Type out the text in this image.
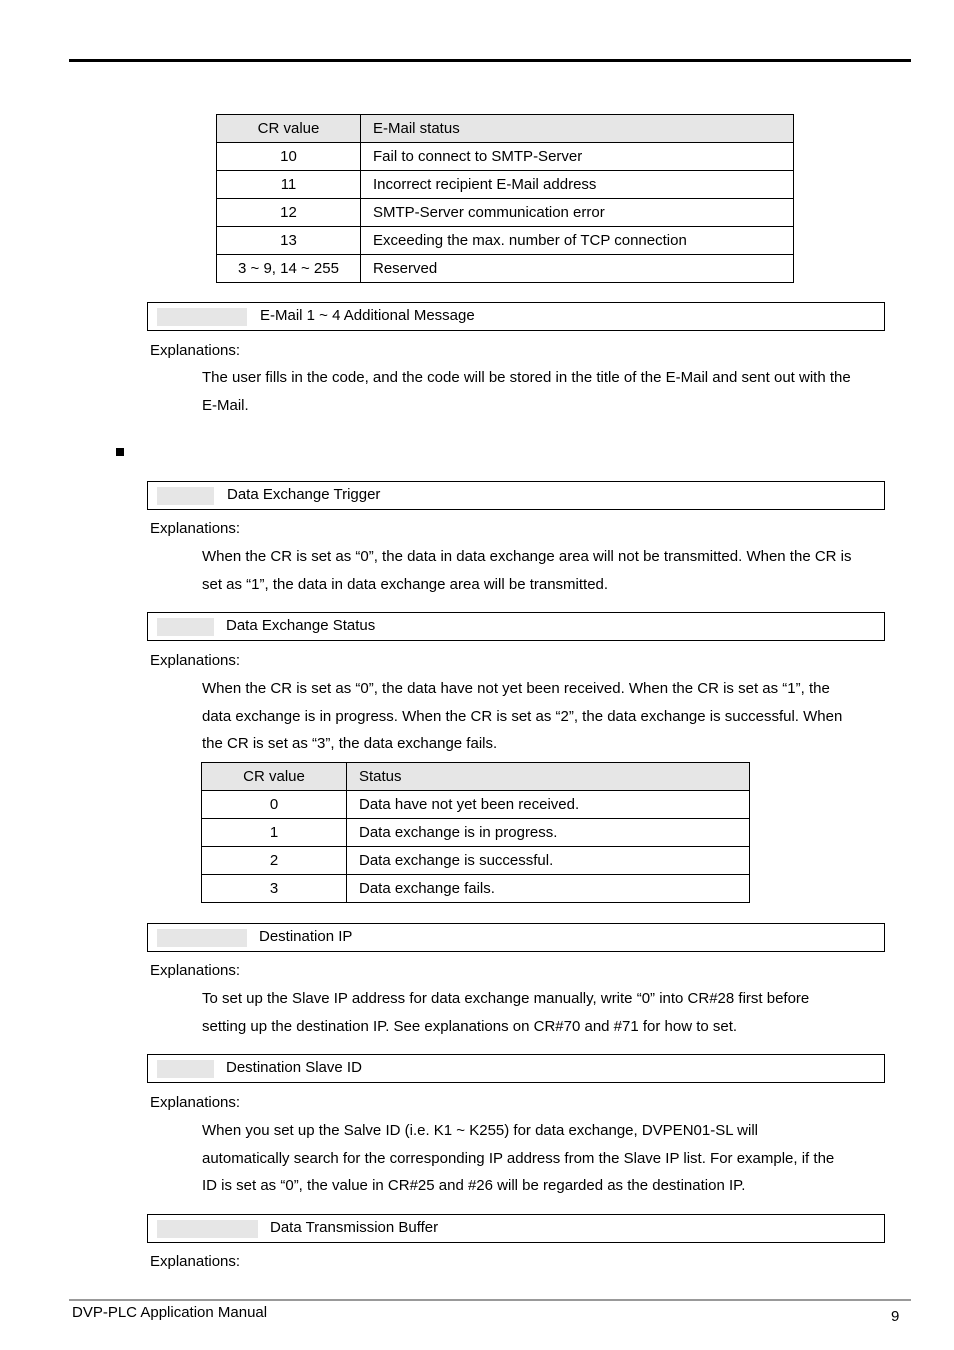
CR value	E-Mail status
10	Fail to connect to SMTP-Server
11	Incorrect recipient E-Mail address
12	SMTP-Server communication error
13	Exceeding the max. number of TCP connection
3 ~ 9, 14 ~ 255	Reserved
E-Mail 1 ~ 4 Additional Message
Explanations:
The user fills in the code, and the code will be stored in the title of the E-Mail and sent out with the
E-Mail.
Data Exchange Trigger
Explanations:
When the CR is set as “0”, the data in data exchange area will not be transmitted. When the CR is
set as “1”, the data in data exchange area will be transmitted.
Data Exchange Status
Explanations:
When the CR is set as “0”, the data have not yet been received. When the CR is set as “1”, the
data exchange is in progress. When the CR is set as “2”, the data exchange is successful. When
the CR is set as “3”, the data exchange fails.
CR value	Status
0	Data have not yet been received.
1	Data exchange is in progress.
2	Data exchange is successful.
3	Data exchange fails.
Destination IP
Explanations:
To set up the Slave IP address for data exchange manually, write “0” into CR#28 first before
setting up the destination IP. See explanations on CR#70 and #71 for how to set.
Destination Slave ID
Explanations:
When you set up the Salve ID (i.e. K1 ~ K255) for data exchange, DVPEN01-SL will
automatically search for the corresponding IP address from the Slave IP list. For example, if the
ID is set as “0”, the value in CR#25 and #26 will be regarded as the destination IP.
Data Transmission Buffer
Explanations:
DVP-PLC Application Manual	9
